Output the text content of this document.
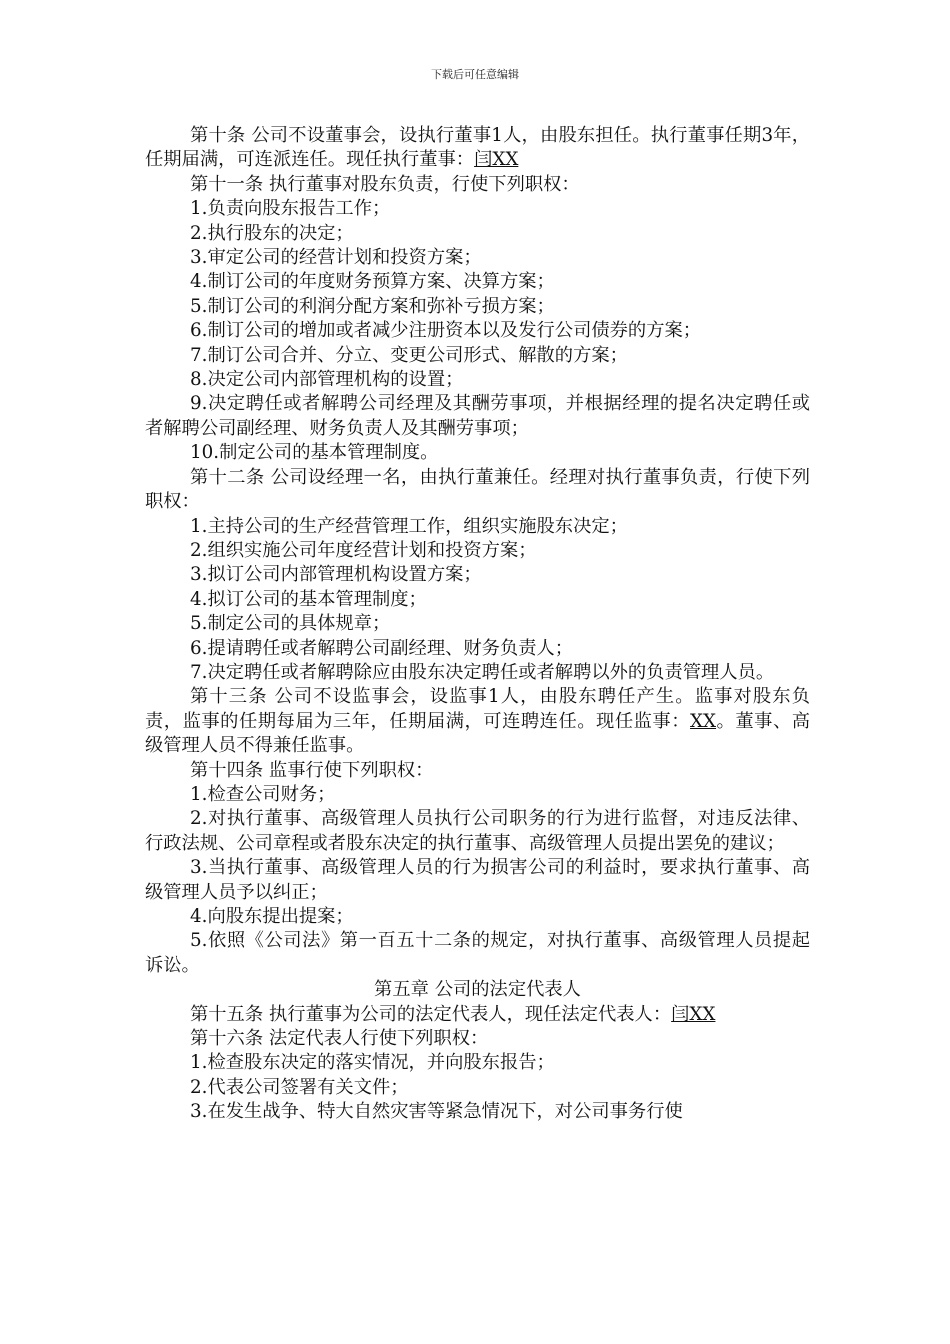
下载后可任意编辑

第十条 公司不设董事会，设执行董事1人，由股东担任。执行董事任期3年，任期届满，可连派连任。现任执行董事：闫XX

第十一条 执行董事对股东负责，行使下列职权：

1.负责向股东报告工作；

2.执行股东的决定；

3.审定公司的经营计划和投资方案；

4.制订公司的年度财务预算方案、决算方案；

5.制订公司的利润分配方案和弥补亏损方案；

6.制订公司的增加或者减少注册资本以及发行公司债券的方案；

7.制订公司合并、分立、变更公司形式、解散的方案；

8.决定公司内部管理机构的设置；

9.决定聘任或者解聘公司经理及其酬劳事项，并根据经理的提名决定聘任或者解聘公司副经理、财务负责人及其酬劳事项；

10.制定公司的基本管理制度。

第十二条 公司设经理一名，由执行董兼任。经理对执行董事负责，行使下列职权：

1.主持公司的生产经营管理工作，组织实施股东决定；

2.组织实施公司年度经营计划和投资方案；

3.拟订公司内部管理机构设置方案；

4.拟订公司的基本管理制度；

5.制定公司的具体规章；

6.提请聘任或者解聘公司副经理、财务负责人；

7.决定聘任或者解聘除应由股东决定聘任或者解聘以外的负责管理人员。

第十三条 公司不设监事会，设监事1人，由股东聘任产生。监事对股东负责，监事的任期每届为三年，任期届满，可连聘连任。现任监事：XX。董事、高级管理人员不得兼任监事。

第十四条 监事行使下列职权：

1.检查公司财务；

2.对执行董事、高级管理人员执行公司职务的行为进行监督，对违反法律、行政法规、公司章程或者股东决定的执行董事、高级管理人员提出罢免的建议；

3.当执行董事、高级管理人员的行为损害公司的利益时，要求执行董事、高级管理人员予以纠正；

4.向股东提出提案；

5.依照《公司法》第一百五十二条的规定，对执行董事、高级管理人员提起诉讼。

第五章 公司的法定代表人

第十五条 执行董事为公司的法定代表人，现任法定代表人：闫XX

第十六条 法定代表人行使下列职权：

1.检查股东决定的落实情况，并向股东报告；

2.代表公司签署有关文件；

3.在发生战争、特大自然灾害等紧急情况下，对公司事务行使
